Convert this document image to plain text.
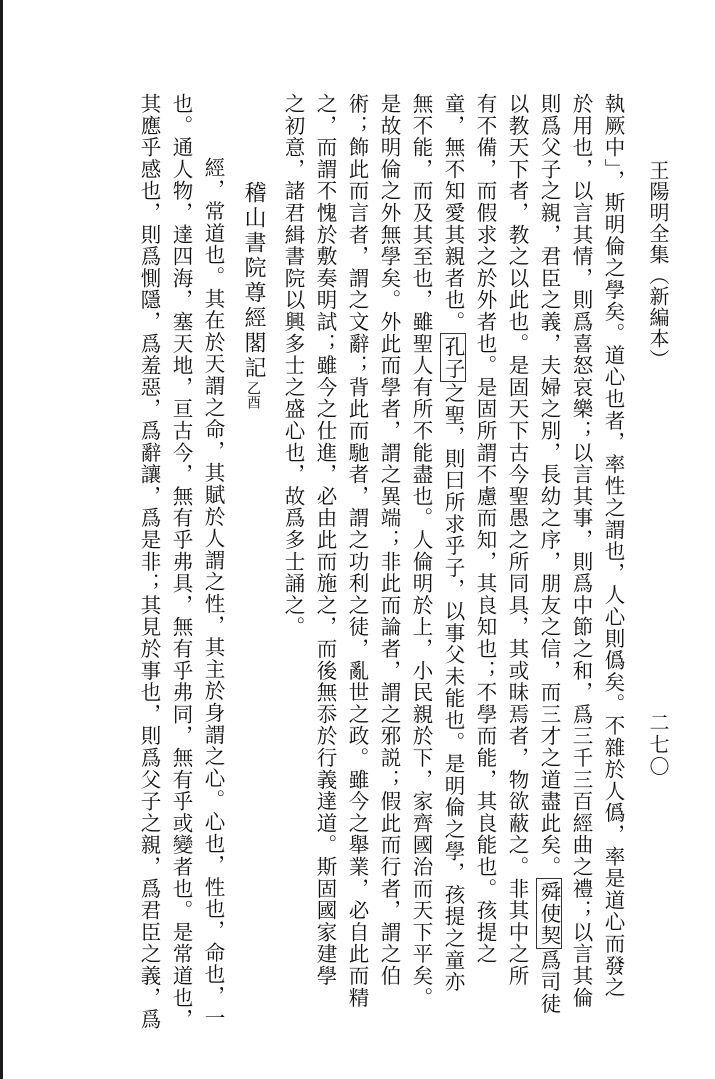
王陽明全集（新編本）
二七〇
執厥中」，斯明倫之學矣。道心也者，率性之謂也，人心則僞矣。不雜於人僞，率是道心而發之
於用也，以言其情，則爲喜怒哀樂；以言其事，則爲中節之和，爲三千三百經曲之禮；以言其倫
則爲父子之親，君臣之義，夫婦之別，長幼之序，朋友之信，而三才之道盡此矣。舜使契爲司徒
以教天下者，教之以此也。是固天下古今聖愚之所同具，其或昧焉者，物欲蔽之。非其中之所
有不備，而假求之於外者也。是固所謂不慮而知，其良知也；不學而能，其良能也。孩提之
童，無不知愛其親者也。孔子之聖，則曰所求乎子，以事父未能也。是明倫之學，孩提之童亦
無不能，而及其至也，雖聖人有所不能盡也。人倫明於上，小民親於下，家齊國治而天下平矣。
是故明倫之外無學矣。外此而學者，謂之異端；非此而論者，謂之邪説；假此而行者，謂之伯
術；飾此而言者，謂之文辭；背此而馳者，謂之功利之徒，亂世之政。雖今之舉業，必自此而精
之，而謂不愧於敷奏明試；雖今之仕進，必由此而施之，而後無忝於行義達道。斯固國家建學
之初意，諸君緝書院以興多士之盛心也，故爲多士誦之。
稽山書院尊經閣記乙酉
經，常道也。其在於天謂之命，其賦於人謂之性，其主於身謂之心。心也，性也，命也，一
也。通人物，達四海，塞天地，亘古今，無有乎弗具，無有乎弗同，無有乎或變者也。是常道也，
其應乎感也，則爲惻隱，爲羞惡，爲辭讓，爲是非；其見於事也，則爲父子之親，爲君臣之義，爲
